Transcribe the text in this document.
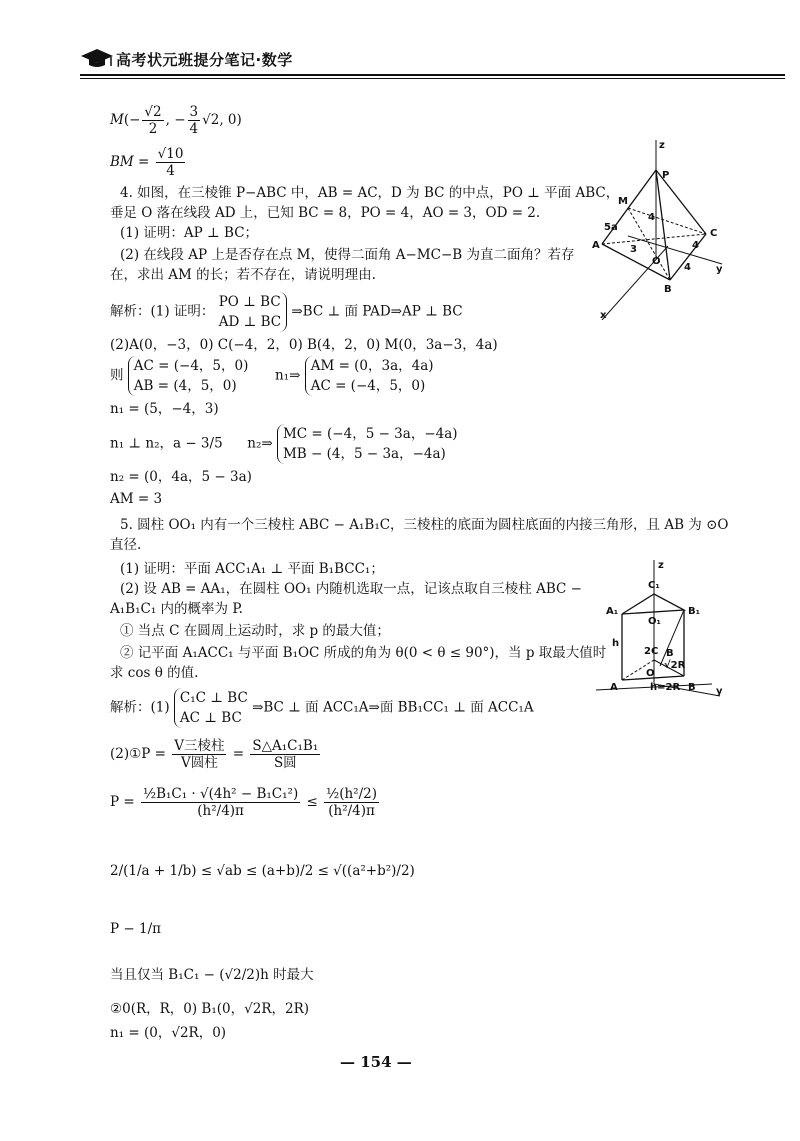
高考状元班提分笔记·数学
$M(- \frac{√2}{2}$ , − $\frac{3}{4} √2$, 0)
BM = $\frac{√10}{4}$
4. 如图，在三棱锥 P−ABC 中，AB = AC，D 为 BC 的中点，PO ⊥ 平面 ABC，
垂足 O 落在线段 AD 上，已知 BC = 8，PO = 4，AO = 3，OD = 2.
(1) 证明：AP ⊥ BC；
(2) 在线段 AP 上是否存在点 M，使得二面角 A−MC−B 为直二面角？若存
在，求出 AM 的长；若不存在，请说明理由.
解析：(1) 证明：
PO ⊥ BC
AD ⊥ BC
⇒BC ⊥ 面 PAD⇒AP ⊥ BC
(2)A(0，−3，0) C(−4，2，0) B(4，2，0) M(0，3a−3，4a)
则
AC = (−4，5，0)
AB = (4，5，0)
n₁⇒
AM = (0，3a，4a)
AC = (−4，5，0)
n₁ = (5，−4，3)
n₁ ⊥ n₂，a − 3/5 n₂⇒
MC = (−4，5 − 3a，−4a)
MB − (4，5 − 3a，−4a)
n₂ = (0，4a，5 − 3a)
AM = 3
z
P
M
5a
4
A	3
C
4
O
4
B
y
x
5. 圆柱 OO₁ 内有一个三棱柱 ABC − A₁B₁C，三棱柱的底面为圆柱底面的内接三角形，且 AB 为 ⊙O
直径.
(1) 证明：平面 ACC₁A₁ ⊥ 平面 B₁BCC₁；
(2) 设 AB = AA₁，在圆柱 OO₁ 内随机选取一点，记该点取自三棱柱 ABC −
A₁B₁C₁ 内的概率为 P.
① 当点 C 在圆周上运动时，求 p 的最大值；
② 记平面 A₁ACC₁ 与平面 B₁OC 所成的角为 θ(0 < θ ≤ 90°)，当 p 取最大值时
求 cos θ 的值.
解析：(1)
C₁C ⊥ BC
AC ⊥ BC
⇒BC ⊥ 面 ACC₁A⇒面 BB₁CC₁ ⊥ 面 ACC₁A
(2)①P = $\frac{\text{V三棱柱}}{\text{V圆柱}} = \frac{\text{S△A₁C₁B₁}}{\text{S圆}}$
$P = \frac{\text{½B₁C₁ · √(4h² − B₁C₁²)}}{\text{(h²/4)π}} \le \frac{\text{½(h²/2)}}{\text{(h²/4)π}}$
2/(1/a + 1/b) ≤ √ab ≤ (a+b)/2 ≤ √((a²+b²)/2)
P − 1/π
当且仅当 B₁C₁ − (√2/2)h 时最大
②0(R，R，0) B₁(0，√2R，2R)
n₁ = (0，√2R，0)
z
C₁
A₁	B₁
O₁
h
2C B
√2R
A
O
h=2R B y
— 154 —
